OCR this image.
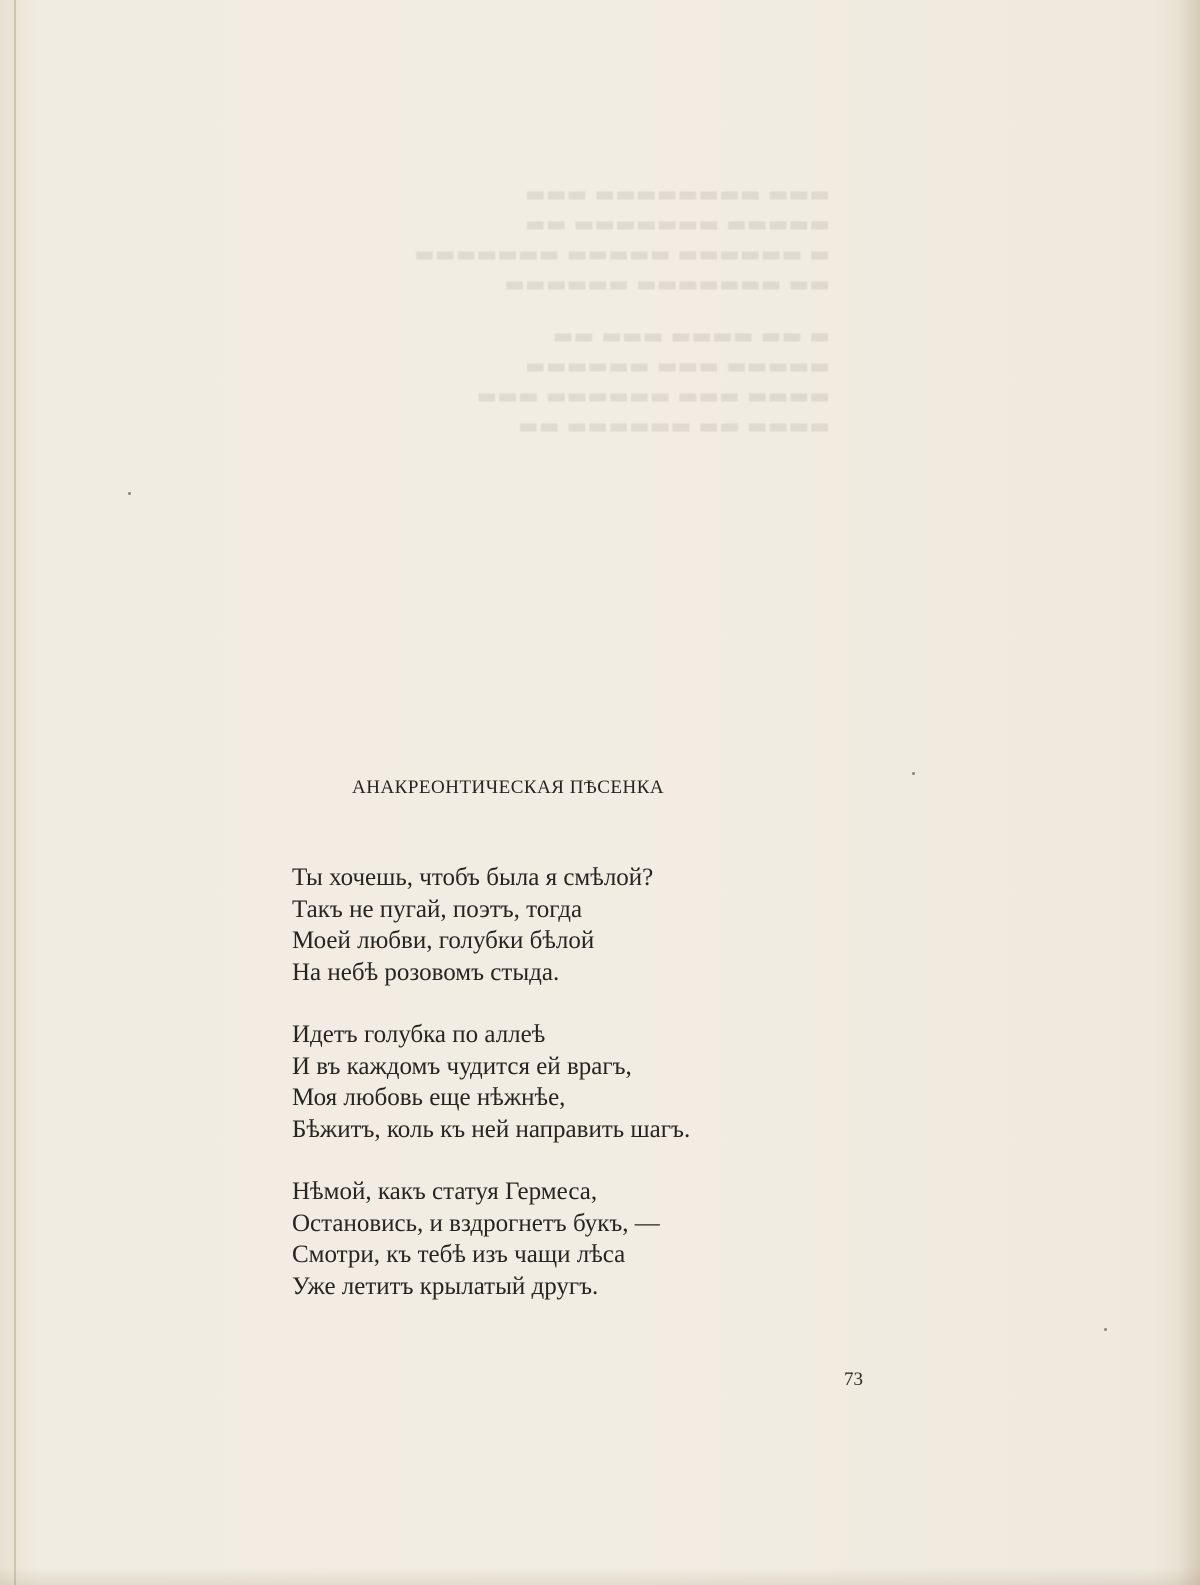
▬▬▬ ▬▬▬▬▬▬▬▬ ▬▬▬
▬▬▬▬▬ ▬▬▬▬▬▬▬ ▬▬
▬ ▬▬▬▬▬▬ ▬▬▬▬▬ ▬▬▬▬▬▬▬
▬▬ ▬▬▬▬▬▬▬ ▬▬▬▬▬▬
▬ ▬▬ ▬▬▬▬ ▬▬▬ ▬▬
▬▬▬▬▬ ▬▬▬ ▬▬▬▬▬▬
▬▬▬▬ ▬▬▬ ▬▬▬▬▬▬ ▬▬▬
▬▬▬▬ ▬▬ ▬▬▬▬▬▬ ▬▬
АНАКРЕОНТИЧЕСКАЯ ПѢСЕНКА
Ты хочешь, чтобъ была я смѣлой?
Такъ не пугай, поэтъ, тогда
Моей любви, голубки бѣлой
На небѣ розовомъ стыда.
Идетъ голубка по аллеѣ
И въ каждомъ чудится ей врагъ,
Моя любовь еще нѣжнѣе,
Бѣжитъ, коль къ ней направить шагъ.
Нѣмой, какъ статуя Гермеса,
Остановись, и вздрогнетъ букъ, —
Смотри, къ тебѣ изъ чащи лѣса
Уже летитъ крылатый другъ.
73
